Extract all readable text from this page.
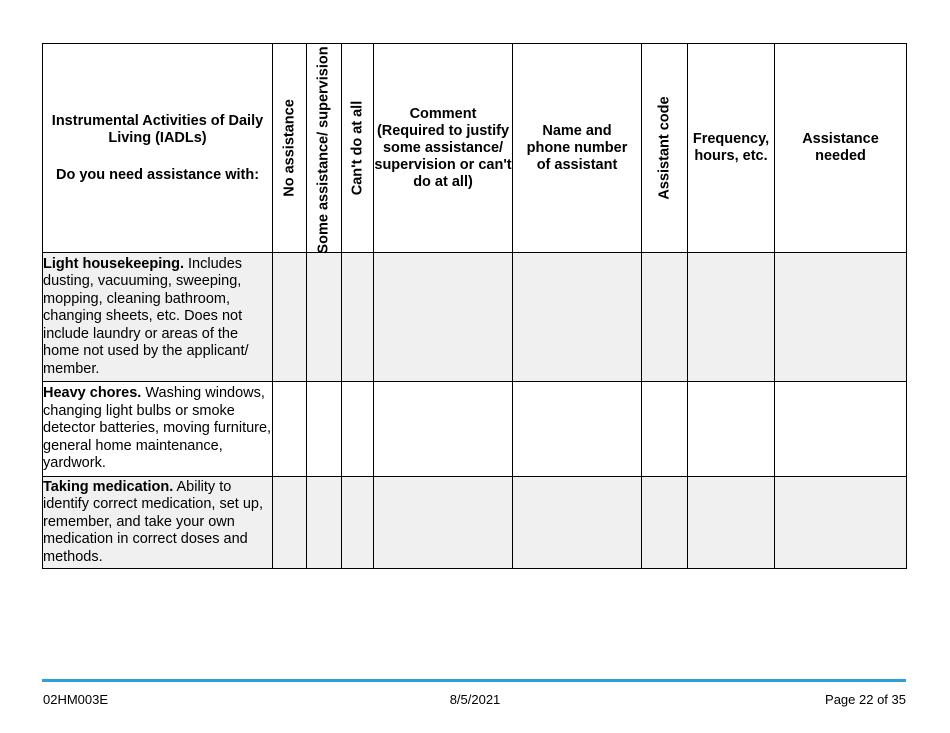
Instrumental Activities of Daily Living (IADLs)
Do you need assistance with:	No assistance	Some assistance/ supervision	Can't do at all	Comment (Required to justify some assistance/ supervision or can't do at all)	Name and phone number of assistant	Assistant code	Frequency, hours, etc.	Assistance needed
Light housekeeping. Includes dusting, vacuuming, sweeping, mopping, cleaning bathroom, changing sheets, etc. Does not include laundry or areas of the home not used by the applicant/ member.								
Heavy chores. Washing windows, changing light bulbs or smoke detector batteries, moving furniture, general home maintenance, yardwork.								
Taking medication. Ability to identify correct medication, set up, remember, and take your own medication in correct doses and methods.								
02HM003E	8/5/2021	Page 22 of 35
